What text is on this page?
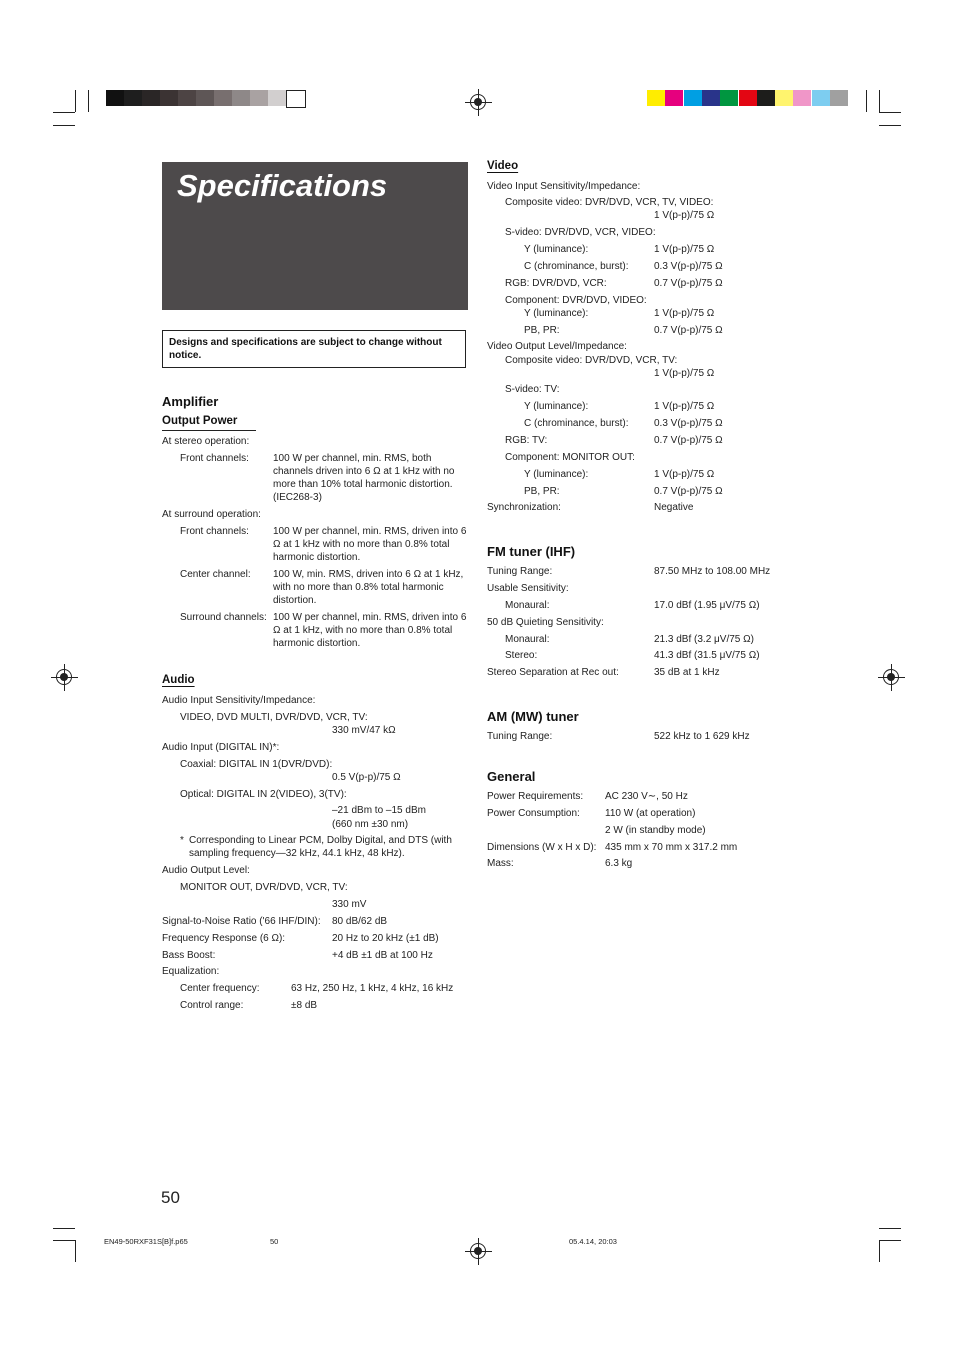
Specifications
Designs and specifications are subject to change without notice.
Amplifier
Output Power
At stereo operation:
Front channels: 100 W per channel, min. RMS, both channels driven into 6 Ω at 1 kHz with no more than 10% total harmonic distortion. (IEC268-3)
At surround operation:
Front channels: 100 W per channel, min. RMS, driven into 6 Ω at 1 kHz with no more than 0.8% total harmonic distortion.
Center channel: 100 W, min. RMS, driven into 6 Ω at 1 kHz, with no more than 0.8% total harmonic distortion.
Surround channels: 100 W per channel, min. RMS, driven into 6 Ω at 1 kHz, with no more than 0.8% total harmonic distortion.
Audio
Audio Input Sensitivity/Impedance:
VIDEO, DVD MULTI, DVR/DVD, VCR, TV:
330 mV/47 kΩ
Audio Input (DIGITAL IN)*:
Coaxial: DIGITAL IN 1(DVR/DVD):
0.5 V(p-p)/75 Ω
Optical: DIGITAL IN 2(VIDEO), 3(TV):
–21 dBm to –15 dBm
(660 nm ±30 nm)
* Corresponding to Linear PCM, Dolby Digital, and DTS (with sampling frequency—32 kHz, 44.1 kHz, 48 kHz).
Audio Output Level:
MONITOR OUT, DVR/DVD, VCR, TV:
330 mV
Signal-to-Noise Ratio ('66 IHF/DIN): 80 dB/62 dB
Frequency Response (6 Ω):	20 Hz to 20 kHz (±1 dB)
Bass Boost:	+4 dB ±1 dB at 100 Hz
Equalization:
Center frequency:	63 Hz, 250 Hz, 1 kHz, 4 kHz, 16 kHz
Control range:	±8 dB
Video
Video Input Sensitivity/Impedance:
Composite video: DVR/DVD, VCR, TV, VIDEO:
1 V(p-p)/75 Ω
S-video: DVR/DVD, VCR, VIDEO:
Y (luminance):	1 V(p-p)/75 Ω
C (chrominance, burst):	0.3 V(p-p)/75 Ω
RGB: DVR/DVD, VCR:	0.7 V(p-p)/75 Ω
Component: DVR/DVD, VIDEO:
Y (luminance):	1 V(p-p)/75 Ω
PB, PR:	0.7 V(p-p)/75 Ω
Video Output Level/Impedance:
Composite video: DVR/DVD, VCR, TV:
1 V(p-p)/75 Ω
S-video: TV:
Y (luminance):	1 V(p-p)/75 Ω
C (chrominance, burst):	0.3 V(p-p)/75 Ω
RGB: TV:	0.7 V(p-p)/75 Ω
Component: MONITOR OUT:
Y (luminance):	1 V(p-p)/75 Ω
PB, PR:	0.7 V(p-p)/75 Ω
Synchronization:	Negative
FM tuner (IHF)
Tuning Range:	87.50 MHz to 108.00 MHz
Usable Sensitivity:
Monaural:	17.0 dBf (1.95 μV/75 Ω)
50 dB Quieting Sensitivity:
Monaural:	21.3 dBf (3.2 μV/75 Ω)
Stereo:	41.3 dBf (31.5 μV/75 Ω)
Stereo Separation at Rec out:	35 dB at 1 kHz
AM (MW) tuner
Tuning Range:	522 kHz to 1 629 kHz
General
Power Requirements: AC 230 V∼, 50 Hz
Power Consumption:	110 W (at operation)
2 W (in standby mode)
Dimensions (W x H x D): 435 mm x 70 mm x 317.2 mm
Mass:	6.3 kg
50
EN49-50RXF31S[B]f.p65	50	05.4.14, 20:03
